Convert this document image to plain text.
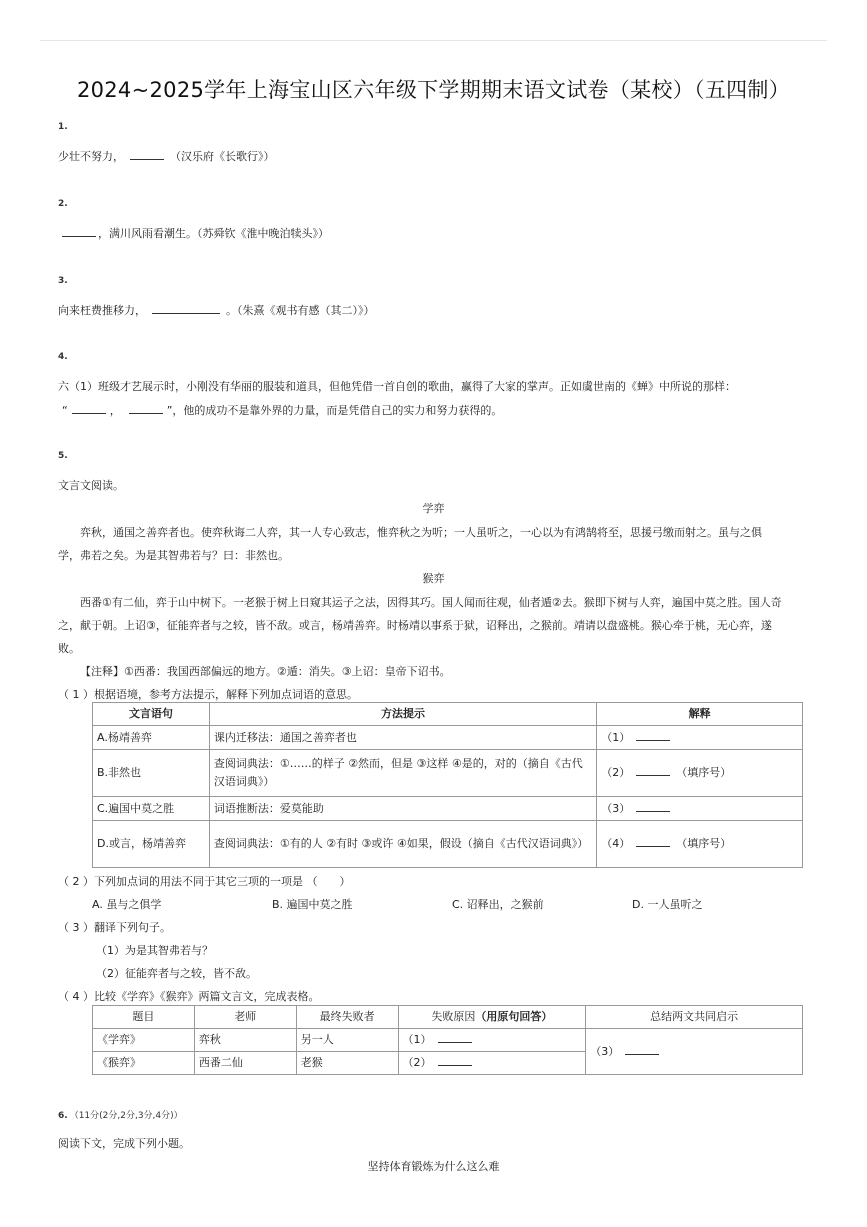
2024~2025学年上海宝山区六年级下学期期末语文试卷（某校）（五四制）
1.
少壮不努力，	（汉乐府《长歌行》）
2.
，满川风雨看潮生。（苏舜钦《淮中晚泊犊头》）
3.
向来枉费推移力，	。（朱熹《观书有感（其二）》）
4.
六（1）班级才艺展示时，小刚没有华丽的服装和道具，但他凭借一首自创的歌曲，赢得了大家的掌声。正如虞世南的《蝉》中所说的那样：
“	，	”，他的成功不是靠外界的力量，而是凭借自己的实力和努力获得的。
5.
文言文阅读。
学弈
弈秋，通国之善弈者也。使弈秋诲二人弈，其一人专心致志，惟弈秋之为听；一人虽听之，一心以为有鸿鹄将至，思援弓缴而射之。虽与之俱
学，弗若之矣。为是其智弗若与？曰：非然也。
猴弈
西番①有二仙，弈于山中树下。一老猴于树上日窥其运子之法，因得其巧。国人闻而往观，仙者遁②去。猴即下树与人弈，遍国中莫之胜。国人奇
之，献于朝。上诏③，征能弈者与之较，皆不敌。或言，杨靖善弈。时杨靖以事系于狱，诏释出，之猴前。靖请以盘盛桃。猴心牵于桃，无心弈，遂
败。
【注释】①西番：我国西部偏远的地方。②遁：消失。③上诏：皇帝下诏书。
（ 1 ）根据语境，参考方法提示，解释下列加点词语的意思。
文言语句	方法提示	解释
A.杨靖善弈	课内迁移法：通国之善弈者也	（1）
B.非然也	查阅词典法：①……的样子 ②然而，但是 ③这样 ④是的，对的（摘自《古代汉语词典》）	（2） （填序号）
C.遍国中莫之胜	词语推断法：爱莫能助	（3）
D.或言，杨靖善弈	查阅词典法：①有的人 ②有时 ③或许 ④如果，假设（摘自《古代汉语词典》）	（4） （填序号）
（ 2 ）下列加点词的用法不同于其它三项的一项是 （　　）
A. 虽与之俱学	B. 遍国中莫之胜	C. 诏释出，之猴前	D. 一人虽听之
（ 3 ）翻译下列句子。
（1）为是其智弗若与？
（2）征能弈者与之较，皆不敌。
（ 4 ）比较《学弈》《猴弈》两篇文言文，完成表格。
题目	老师	最终失败者	失败原因（用原句回答）	总结两文共同启示
《学弈》	弈秋	另一人	（1）	（3）
《猴弈》	西番二仙	老猴	（2）	
6. （11分(2分,2分,3分,4分)）
阅读下文，完成下列小题。
坚持体育锻炼为什么这么难
